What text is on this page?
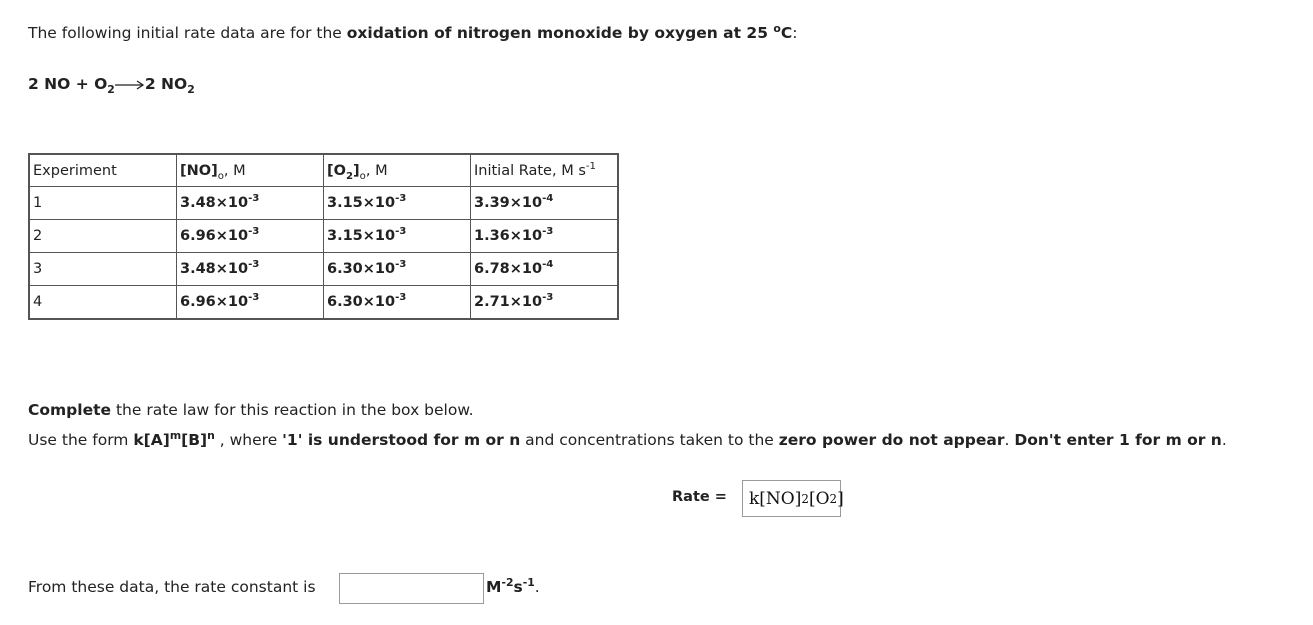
The following initial rate data are for the oxidation of nitrogen monoxide by oxygen at 25 $^o$C:
2 NO + $O_2\to 2$ $NO_2$
Experiment	$[NO]_o$, M	$[O_2]_o$, M	Initial Rate, M $s^{-1}$
1	$3.48\times 10^{-3}$	$3.15\times 10^{-3}$	$3.39\times 10^{-4}$
2	$6.96\times 10^{-3}$	$3.15\times 10^{-3}$	$1.36\times 10^{-3}$
3	$3.48\times 10^{-3}$	$6.30\times 10^{-3}$	$6.78\times 10^{-4}$
4	$6.96\times 10^{-3}$	$6.30\times 10^{-3}$	$2.71\times 10^{-3}$
Complete the rate law for this reaction in the box below.
Use the form $k[A]^m[B]^n$ , where '1' is understood for m or n and concentrations taken to the zero power do not appear. Don't enter 1 for m or n.
Rate = k[NO] 2 [O 2 ]
From these data, the rate constant is	$M^{-2}s^{-1}$.
